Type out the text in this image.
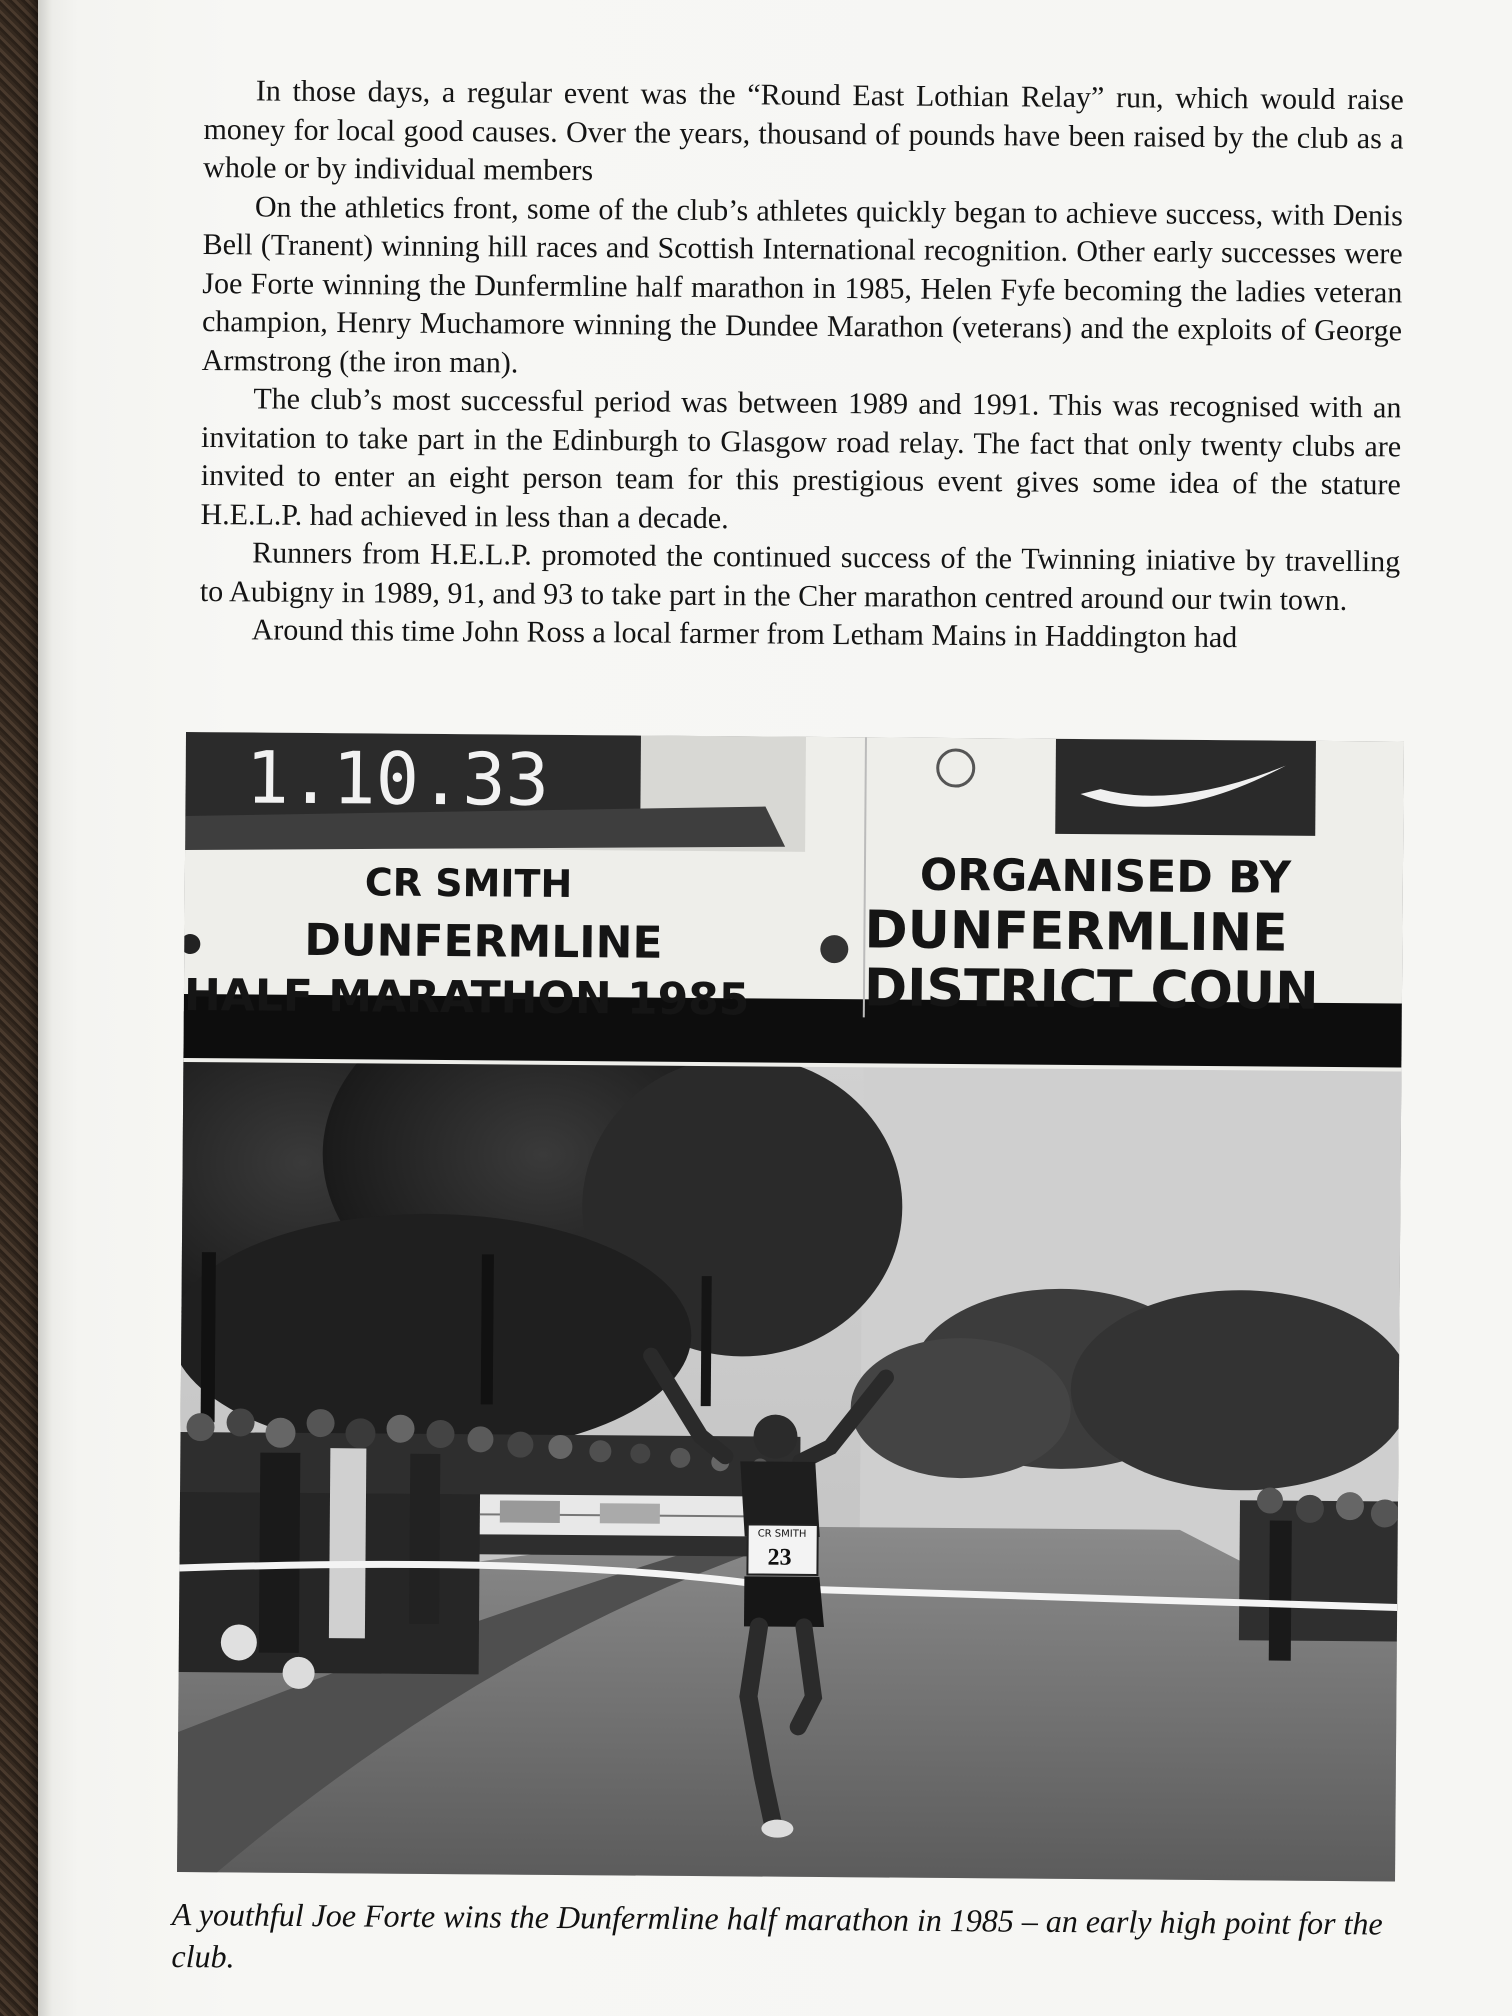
In those days, a regular event was the “Round East Lothian Relay” run, which would raise money for local good causes. Over the years, thousand of pounds have been raised by the club as a whole or by individual members

On the athletics front, some of the club’s athletes quickly began to achieve success, with Denis Bell (Tranent) winning hill races and Scottish International recognition. Other early successes were Joe Forte winning the Dunfermline half marathon in 1985, Helen Fyfe becoming the ladies veteran champion, Henry Muchamore winning the Dundee Marathon (veterans) and the exploits of George Armstrong (the iron man).

The club’s most successful period was between 1989 and 1991. This was recognised with an invitation to take part in the Edinburgh to Glasgow road relay. The fact that only twenty clubs are invited to enter an eight person team for this prestigious event gives some idea of the stature H.E.L.P. had achieved in less than a decade.

Runners from H.E.L.P. promoted the continued success of the Twinning iniative by travelling to Aubigny in 1989, 91, and 93 to take part in the Cher marathon centred around our twin town.

Around this time John Ross a local farmer from Letham Mains in Haddington had

1.10.33
CR SMITH
DUNFERMLINE
HALF MARATHON 1985
ORGANISED BY
DUNFERMLINE
DISTRICT COUN
CR SMITH
23
A youthful Joe Forte wins the Dunfermline half marathon in 1985 – an early high point for the club.
